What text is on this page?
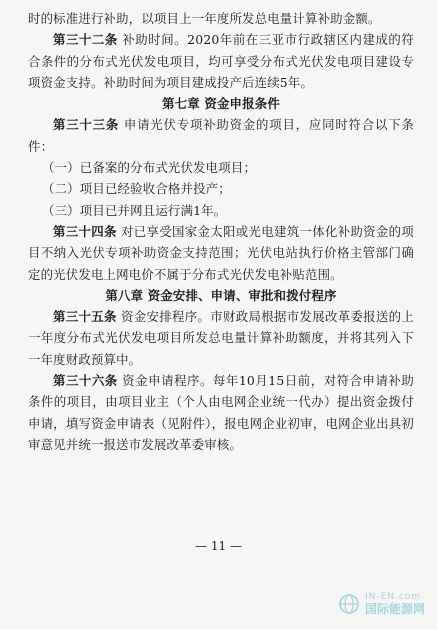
时的标准进行补助，以项目上一年度所发总电量计算补助金额。

第三十二条 补助时间。2020年前在三亚市行政辖区内建成的符合条件的分布式光伏发电项目，均可享受分布式光伏发电项目建设专项资金支持。补助时间为项目建成投产后连续5年。

第七章 资金申报条件

第三十三条 申请光伏专项补助资金的项目，应同时符合以下条件：

（一）已备案的分布式光伏发电项目；

（二）项目已经验收合格并投产；

（三）项目已并网且运行满1年。

第三十四条 对已享受国家金太阳或光电建筑一体化补助资金的项目不纳入光伏专项补助资金支持范围；光伏电站执行价格主管部门确定的光伏发电上网电价不属于分布式光伏发电补贴范围。

第八章 资金安排、申请、审批和拨付程序

第三十五条 资金安排程序。市财政局根据市发展改革委报送的上一年度分布式光伏发电项目所发总电量计算补助额度，并将其列入下一年度财政预算中。

第三十六条 资金申请程序。每年10月15日前，对符合申请补助条件的项目，由项目业主（个人由电网企业统一代办）提出资金拨付申请，填写资金申请表（见附件），报电网企业初审，电网企业出具初审意见并统一报送市发展改革委审核。

— 11 —
IN-EN.com
国际能源网
